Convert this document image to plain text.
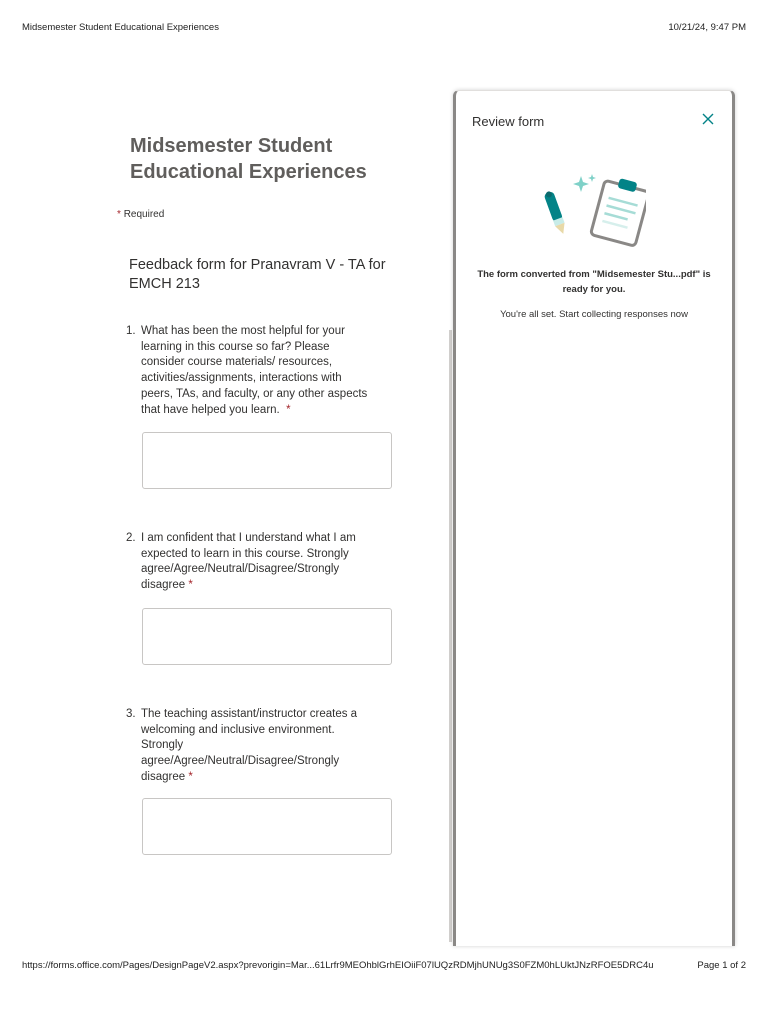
Midsemester Student Educational Experiences	10/21/24, 9:47 PM
Midsemester Student Educational Experiences
* Required
Feedback form for Pranavram V - TA for EMCH 213
1. What has been the most helpful for your learning in this course so far? Please consider course materials/ resources, activities/assignments, interactions with peers, TAs, and faculty, or any other aspects that have helped you learn. *
2. I am confident that I understand what I am expected to learn in this course. Strongly agree/Agree/Neutral/Disagree/Strongly disagree *
3. The teaching assistant/instructor creates a welcoming and inclusive environment. Strongly agree/Agree/Neutral/Disagree/Strongly disagree *
Review form
The form converted from "Midsemester Stu...pdf" is ready for you.
You're all set. Start collecting responses now
https://forms.office.com/Pages/DesignPageV2.aspx?prevorigin=Mar...61Lrfr9MEOhblGrhEIOiiF07lUQzRDMjhUNUg3S0FZM0hLUktJNzRFOE5DRC4u	Page 1 of 2
